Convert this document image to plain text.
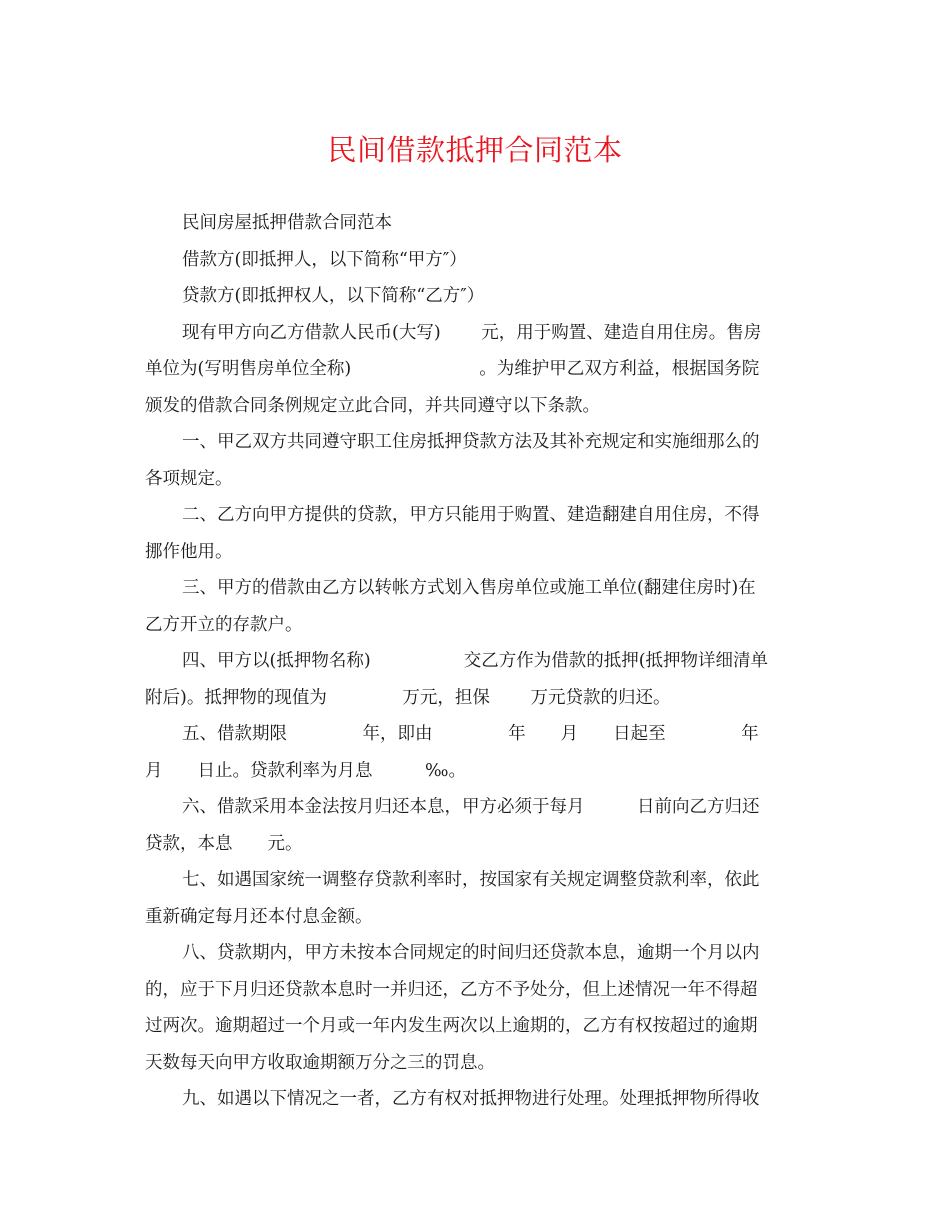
民间借款抵押合同范本
民间房屋抵押借款合同范本
借款方(即抵押人，以下简称“甲方″）
贷款方(即抵押权人，以下简称“乙方″）
现有甲方向乙方借款人民币(大写)　　 元，用于购置、建造自用住房。售房
单位为(写明售房单位全称)　　　　　　　 。为维护甲乙双方利益，根据国务院
颁发的借款合同条例规定立此合同，并共同遵守以下条款。
一、甲乙双方共同遵守职工住房抵押贷款方法及其补充规定和实施细那么的
各项规定。
二、乙方向甲方提供的贷款，甲方只能用于购置、建造翻建自用住房，不得
挪作他用。
三、甲方的借款由乙方以转帐方式划入售房单位或施工单位(翻建住房时)在
乙方开立的存款户。
四、甲方以(抵押物名称)　　　　　 交乙方作为借款的抵押(抵押物详细清单
附后)。抵押物的现值为　　　　 万元，担保　　 万元贷款的归还。
五、借款期限　　　　 年，即由　　　　 年　　月　　日起至　　　　 年
月　　日止。贷款利率为月息　　　‰。
六、借款采用本金法按月归还本息，甲方必须于每月　　　日前向乙方归还
贷款，本息　　元。
七、如遇国家统一调整存贷款利率时，按国家有关规定调整贷款利率，依此
重新确定每月还本付息金额。
八、贷款期内，甲方未按本合同规定的时间归还贷款本息，逾期一个月以内
的，应于下月归还贷款本息时一并归还，乙方不予处分，但上述情况一年不得超
过两次。逾期超过一个月或一年内发生两次以上逾期的，乙方有权按超过的逾期
天数每天向甲方收取逾期额万分之三的罚息。
九、如遇以下情况之一者，乙方有权对抵押物进行处理。处理抵押物所得收
